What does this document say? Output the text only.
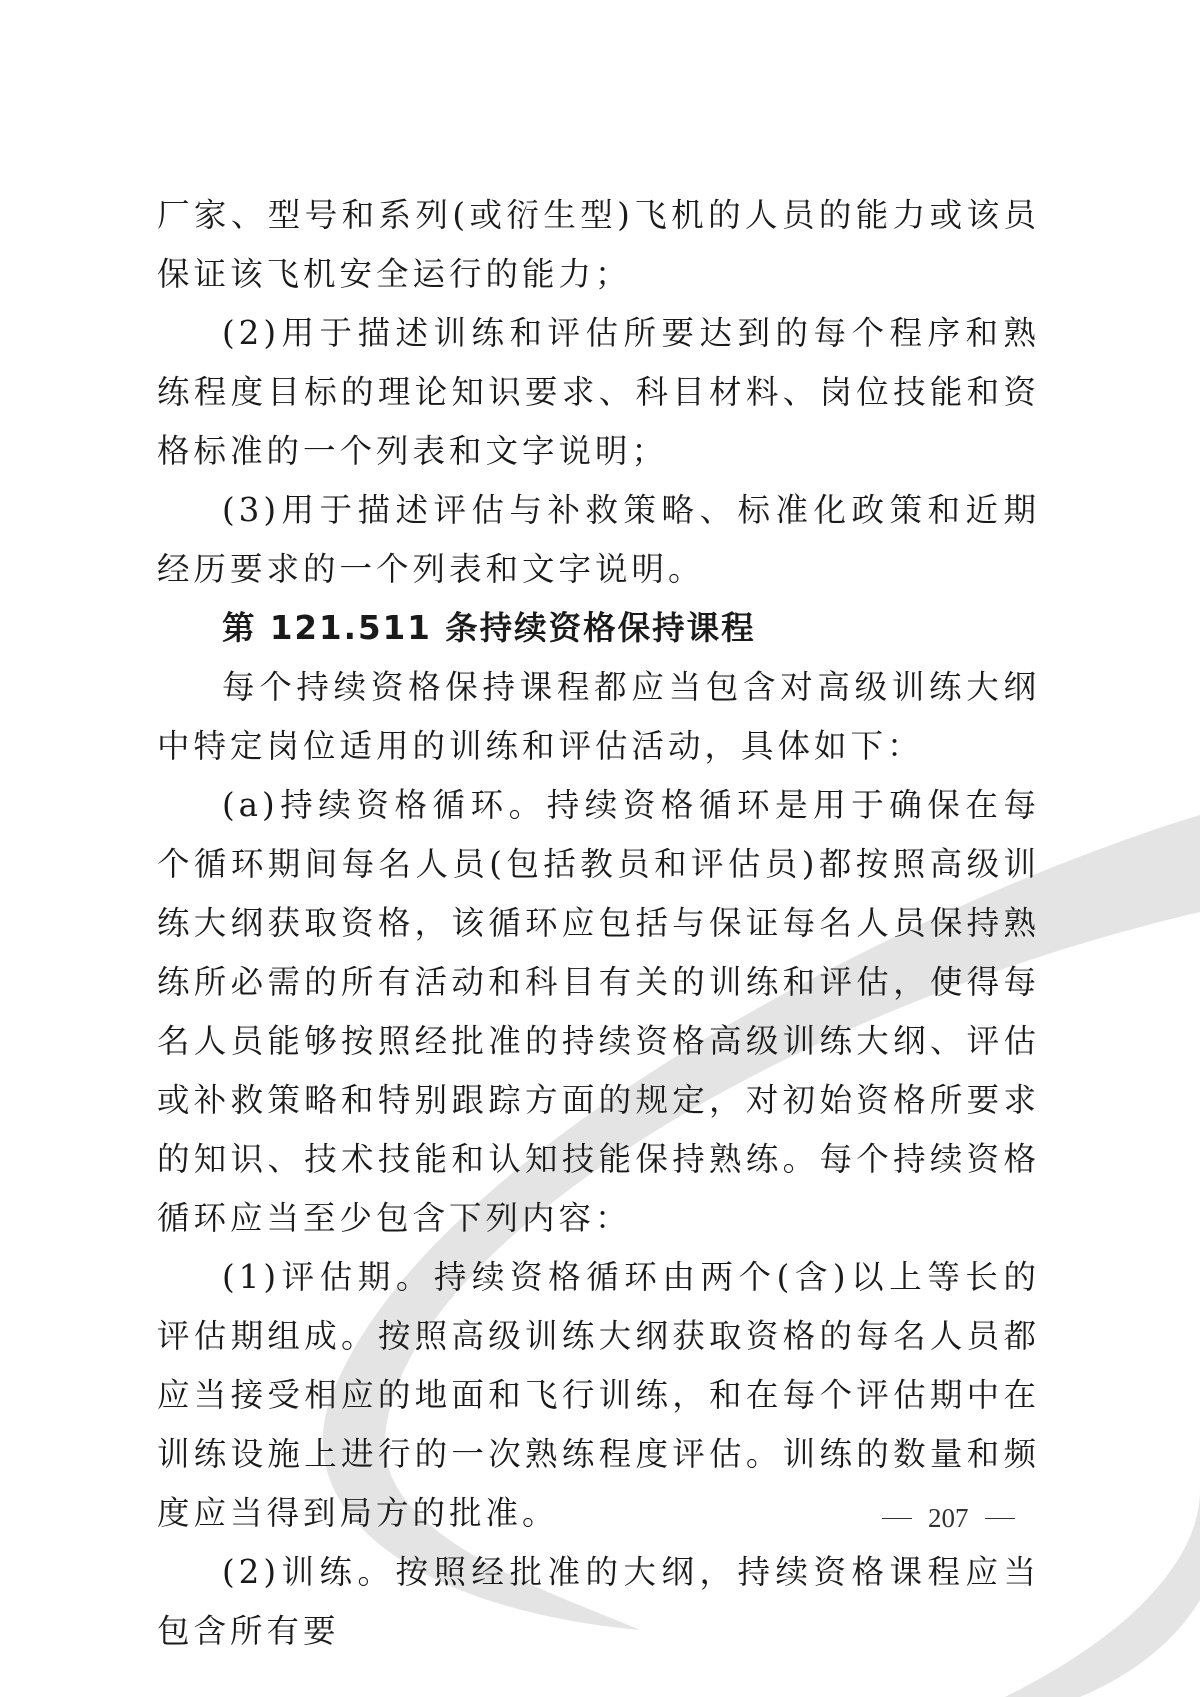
厂家、型号和系列(或衍生型)飞机的人员的能力或该员保证该飞机安全运行的能力；

(2)用于描述训练和评估所要达到的每个程序和熟练程度目标的理论知识要求、科目材料、岗位技能和资格标准的一个列表和文字说明；

(3)用于描述评估与补救策略、标准化政策和近期经历要求的一个列表和文字说明。

第 121.511 条持续资格保持课程

每个持续资格保持课程都应当包含对高级训练大纲中特定岗位适用的训练和评估活动，具体如下：

(a)持续资格循环。持续资格循环是用于确保在每个循环期间每名人员(包括教员和评估员)都按照高级训练大纲获取资格，该循环应包括与保证每名人员保持熟练所必需的所有活动和科目有关的训练和评估，使得每名人员能够按照经批准的持续资格高级训练大纲、评估或补救策略和特别跟踪方面的规定，对初始资格所要求的知识、技术技能和认知技能保持熟练。每个持续资格循环应当至少包含下列内容：

(1)评估期。持续资格循环由两个(含)以上等长的评估期组成。按照高级训练大纲获取资格的每名人员都应当接受相应的地面和飞行训练，和在每个评估期中在训练设施上进行的一次熟练程度评估。训练的数量和频度应当得到局方的批准。

(2)训练。按照经批准的大纲，持续资格课程应当包含所有要

207
